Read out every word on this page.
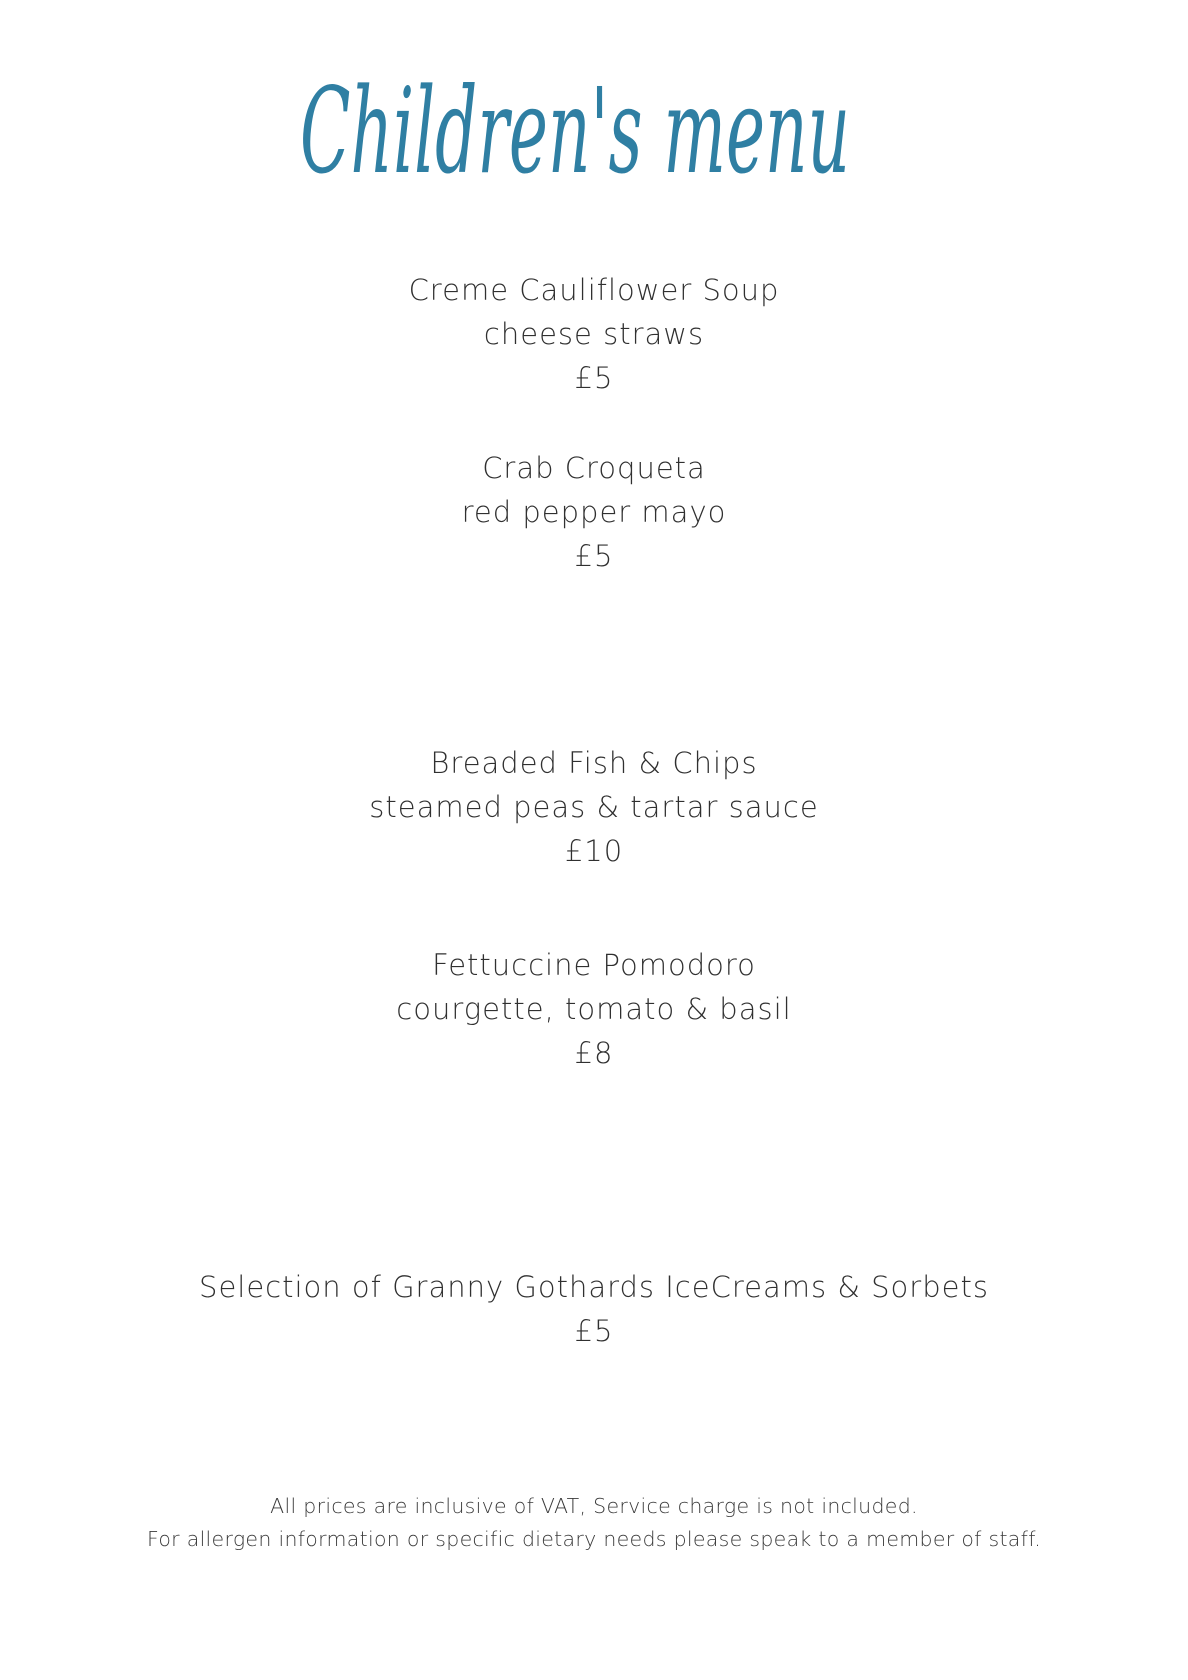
Children's menu
Creme Cauliflower Soup
cheese straws
£5
Crab Croqueta
red pepper mayo
£5
Breaded Fish & Chips
steamed peas & tartar sauce
£10
Fettuccine Pomodoro
courgette, tomato & basil
£8
Selection of Granny Gothards IceCreams & Sorbets
£5
All prices are inclusive of VAT, Service charge is not included.
For allergen information or specific dietary needs please speak to a member of staff.
